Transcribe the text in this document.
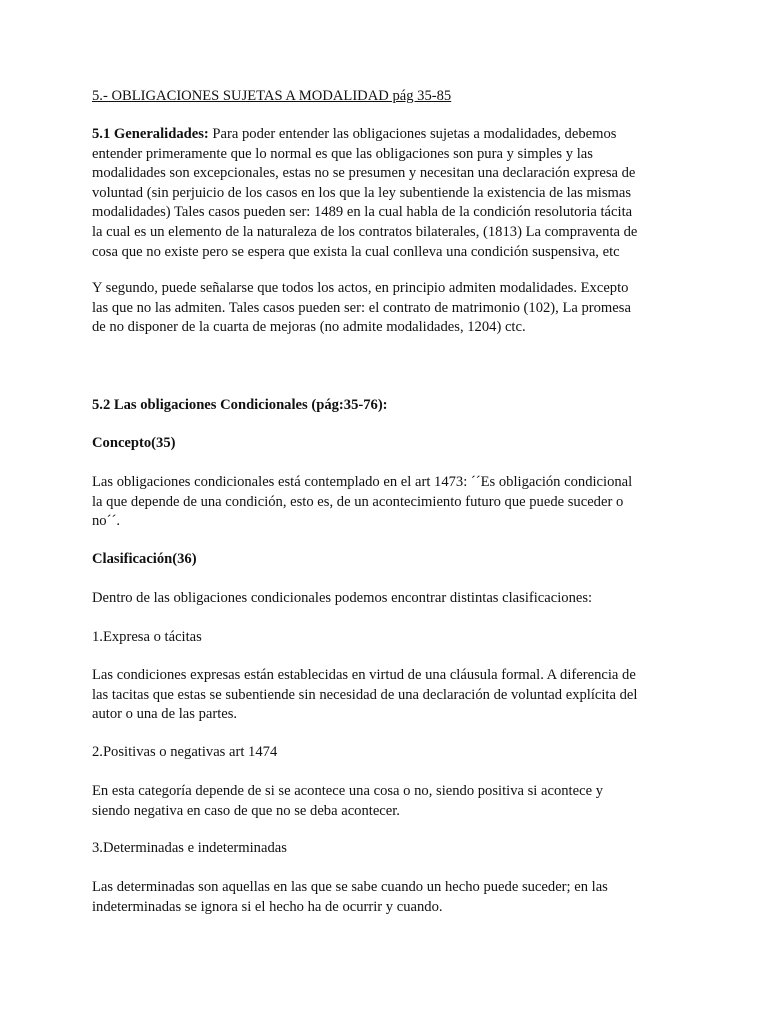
5.- OBLIGACIONES SUJETAS A MODALIDAD pág 35-85

5.1 Generalidades: Para poder entender las obligaciones sujetas a modalidades, debemos
entender primeramente que lo normal es que las obligaciones son pura y simples y las
modalidades son excepcionales, estas no se presumen y necesitan una declaración expresa de
voluntad (sin perjuicio de los casos en los que la ley subentiende la existencia de las mismas
modalidades) Tales casos pueden ser: 1489 en la cual habla de la condición resolutoria tácita
la cual es un elemento de la naturaleza de los contratos bilaterales, (1813) La compraventa de
cosa que no existe pero se espera que exista la cual conlleva una condición suspensiva, etc

Y segundo, puede señalarse que todos los actos, en principio admiten modalidades. Excepto
las que no las admiten. Tales casos pueden ser: el contrato de matrimonio (102), La promesa
de no disponer de la cuarta de mejoras (no admite modalidades, 1204) ctc.

5.2 Las obligaciones Condicionales (pág:35-76):

Concepto(35)

Las obligaciones condicionales está contemplado en el art 1473: ´´Es obligación condicional
la que depende de una condición, esto es, de un acontecimiento futuro que puede suceder o
no´´.

Clasificación(36)

Dentro de las obligaciones condicionales podemos encontrar distintas clasificaciones:

1.Expresa o tácitas

Las condiciones expresas están establecidas en virtud de una cláusula formal. A diferencia de
las tacitas que estas se subentiende sin necesidad de una declaración de voluntad explícita del
autor o una de las partes.

2.Positivas o negativas art 1474

En esta categoría depende de si se acontece una cosa o no, siendo positiva si acontece y
siendo negativa en caso de que no se deba acontecer.

3.Determinadas e indeterminadas

Las determinadas son aquellas en las que se sabe cuando un hecho puede suceder; en las
indeterminadas se ignora si el hecho ha de ocurrir y cuando.
